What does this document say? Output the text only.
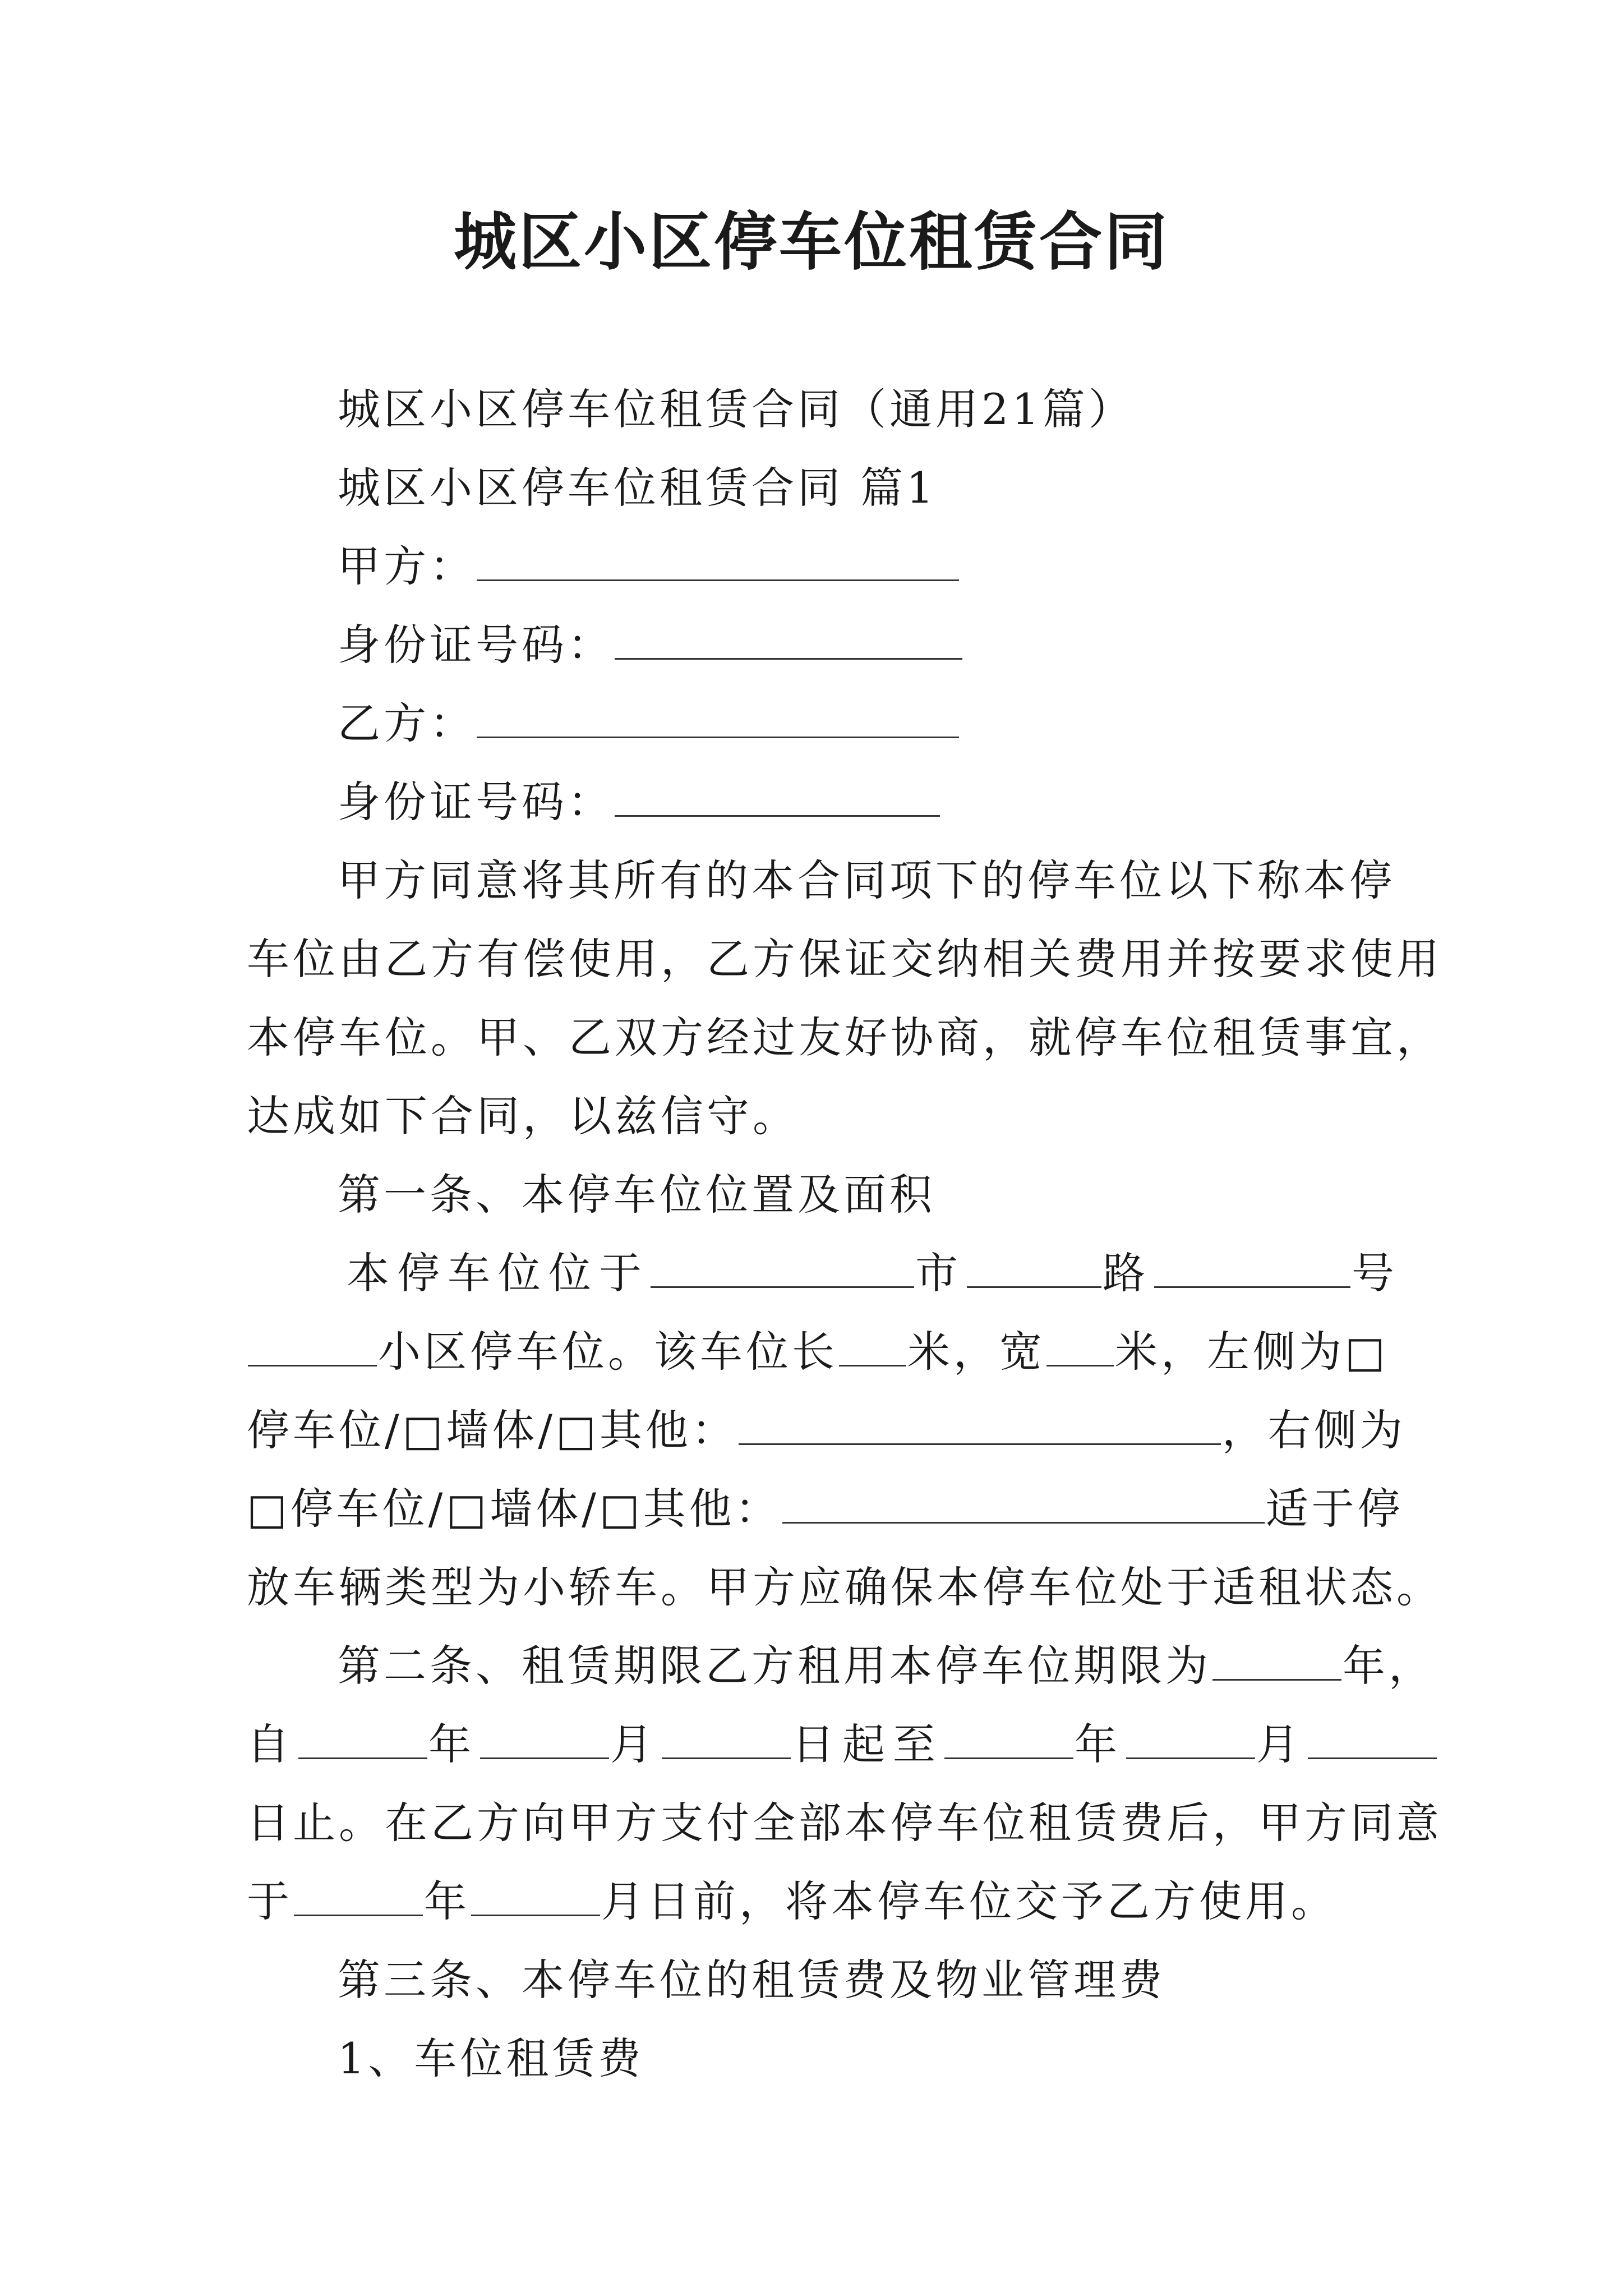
城区小区停车位租赁合同
城区小区停车位租赁合同（通用21篇）
城区小区停车位租赁合同 篇1
甲方：
身份证号码：
乙方：
身份证号码：
甲方同意将其所有的本合同项下的停车位以下称本停
车位由乙方有偿使用，乙方保证交纳相关费用并按要求使用
本停车位。甲、乙双方经过友好协商，就停车位租赁事宜，
达成如下合同，以兹信守。
第一条、本停车位位置及面积
本停车位位于	市	路	号
小区停车位。该车位长 米，宽 米，左侧为□
停车位/□墙体/□其他：	，右侧为
□停车位/□墙体/□其他：	适于停
放车辆类型为小轿车。甲方应确保本停车位处于适租状态。
第二条、租赁期限乙方租用本停车位期限为	年，
自	年	月	日起至	年	月
日止。在乙方向甲方支付全部本停车位租赁费后，甲方同意
于	年	月日前，将本停车位交予乙方使用。
第三条、本停车位的租赁费及物业管理费
1、车位租赁费
